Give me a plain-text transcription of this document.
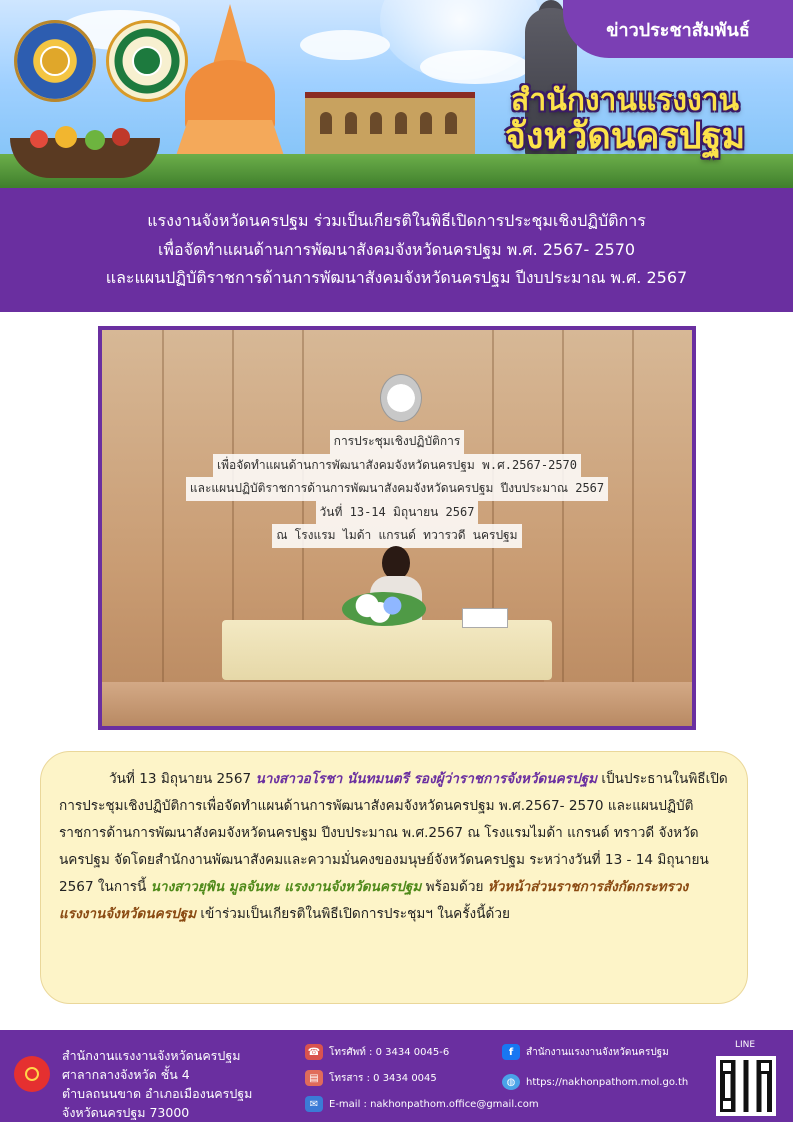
ข่าวประชาสัมพันธ์
สำนักงานแรงงาน
จังหวัดนครปฐม
แรงงานจังหวัดนครปฐม ร่วมเป็นเกียรติในพิธีเปิดการประชุมเชิงปฏิบัติการ
เพื่อจัดทำแผนด้านการพัฒนาสังคมจังหวัดนครปฐม พ.ศ. 2567- 2570
และแผนปฏิบัติราชการด้านการพัฒนาสังคมจังหวัดนครปฐม ปีงบประมาณ พ.ศ. 2567
การประชุมเชิงปฏิบัติการ
เพื่อจัดทำแผนด้านการพัฒนาสังคมจังหวัดนครปฐม พ.ศ.2567-2570
และแผนปฏิบัติราชการด้านการพัฒนาสังคมจังหวัดนครปฐม ปีงบประมาณ 2567
วันที่ 13-14 มิถุนายน 2567
ณ โรงแรม ไมด้า แกรนด์ ทวารวดี นครปฐม

วันที่ 13 มิถุนายน 2567 นางสาวอโรชา นันทมนตรี รองผู้ว่าราชการจังหวัดนครปฐม เป็นประธานในพิธีเปิดการประชุมเชิงปฏิบัติการเพื่อจัดทำแผนด้านการพัฒนาสังคมจังหวัดนครปฐม พ.ศ.2567- 2570 และแผนปฏิบัติราชการด้านการพัฒนาสังคมจังหวัดนครปฐม ปีงบประมาณ พ.ศ.2567 ณ โรงแรมไมด้า แกรนด์ ทราวดี จังหวัดนครปฐม จัดโดยสำนักงานพัฒนาสังคมและความมั่นคงของมนุษย์จังหวัดนครปฐม ระหว่างวันที่ 13 - 14 มิถุนายน 2567 ในการนี้ นางสาวยุพิน มูลจันทะ แรงงานจังหวัดนครปฐม พร้อมด้วย หัวหน้าส่วนราชการสังกัดกระทรวงแรงงานจังหวัดนครปฐม เข้าร่วมเป็นเกียรติในพิธีเปิดการประชุมฯ ในครั้งนี้ด้วย

สำนักงานแรงงานจังหวัดนครปฐม
ศาลากลางจังหวัด ชั้น 4
ตำบลถนนขาด อำเภอเมืองนครปฐม
จังหวัดนครปฐม 73000
☎ โทรศัพท์ : 0 3434 0045-6
▤	โทรสาร : 0 3434 0045
✉	E-mail : nakhonpathom.office@gmail.com
f	สำนักงานแรงงานจังหวัดนครปฐม
◍	https://nakhonpathom.mol.go.th
LINE
